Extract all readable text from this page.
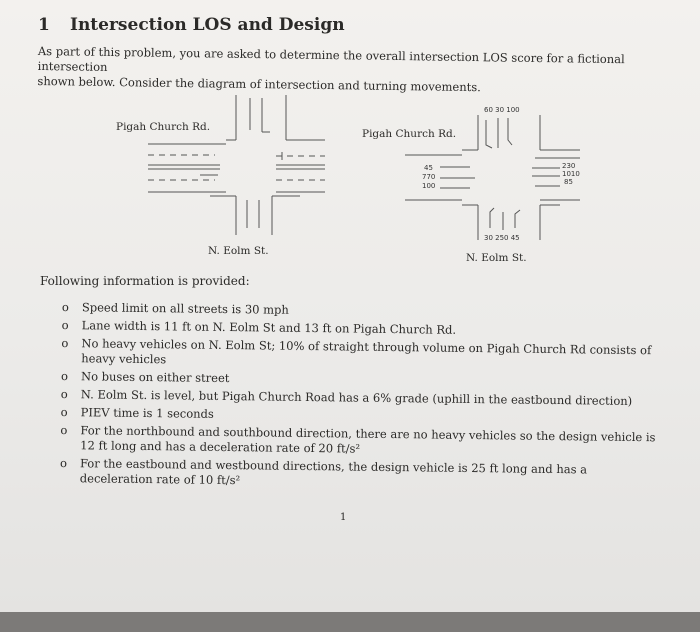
1 Intersection LOS and Design

As part of this problem, you are asked to determine the overall intersection LOS score for a fictional intersection

shown below. Consider the diagram of intersection and turning movements.

Pigah Church Rd.
N. Eolm St.
Pigah Church Rd.
N. Eolm St.
60 30 100
230
1010
85
45
770
100
30 250 45
Following information is provided:
o Speed limit on all streets is 30 mph
o Lane width is 11 ft on N. Eolm St and 13 ft on Pigah Church Rd.
o No heavy vehicles on N. Eolm St; 10% of straight through volume on Pigah Church Rd consists of heavy vehicles
o No buses on either street
o N. Eolm St. is level, but Pigah Church Road has a 6% grade (uphill in the eastbound direction)
o PIEV time is 1 seconds
o For the northbound and southbound direction, there are no heavy vehicles so the design vehicle is 12 ft long and has a deceleration rate of 20 ft/s²
o For the eastbound and westbound directions, the design vehicle is 25 ft long and has a deceleration rate of 10 ft/s²
1
